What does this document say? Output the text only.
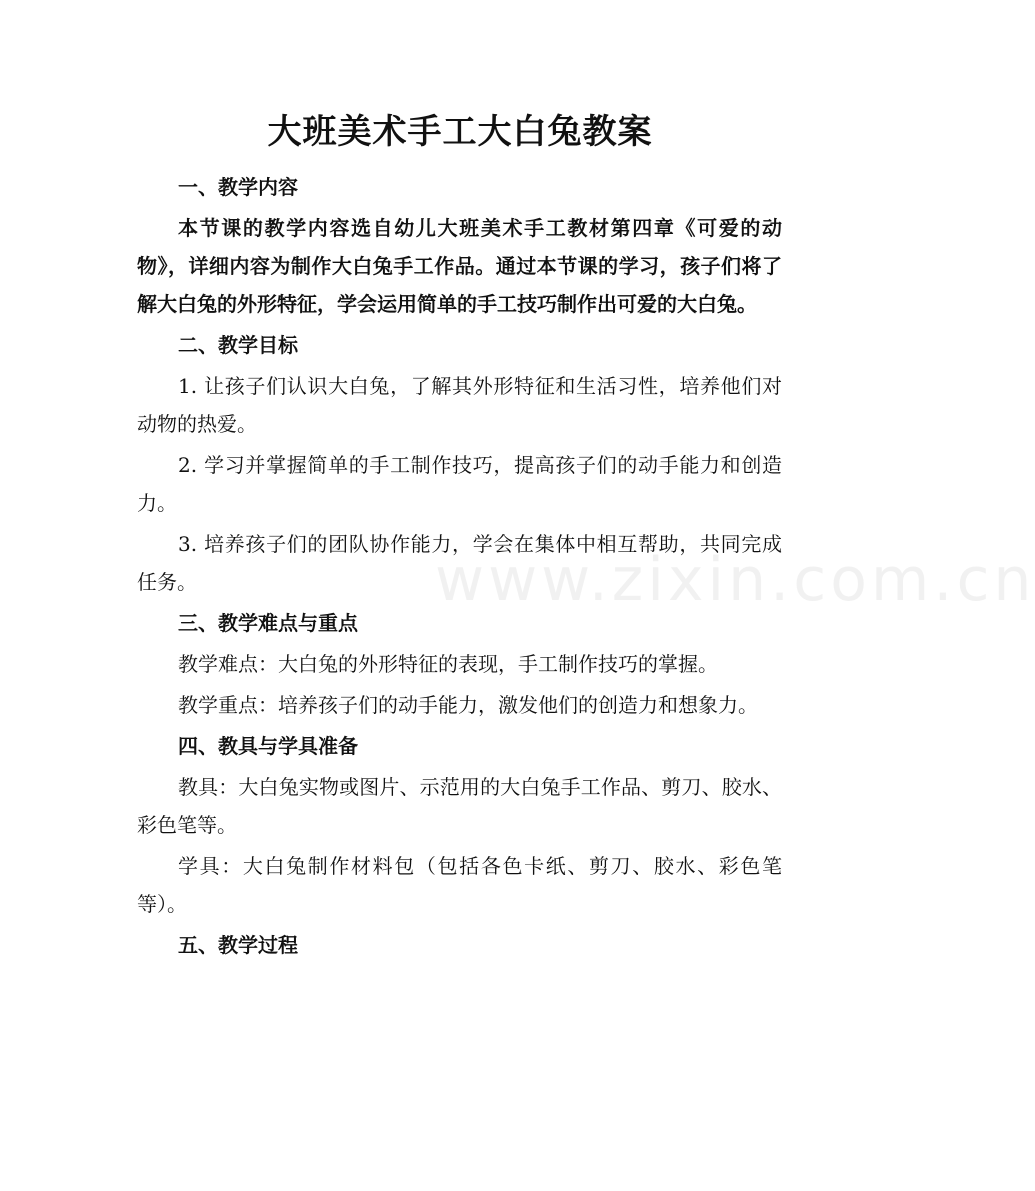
大班美术手工大白兔教案
一、教学内容

本节课的教学内容选自幼儿大班美术手工教材第四章《可爱的动物》，详细内容为制作大白兔手工作品。通过本节课的学习，孩子们将了解大白兔的外形特征，学会运用简单的手工技巧制作出可爱的大白兔。

二、教学目标

1. 让孩子们认识大白兔，了解其外形特征和生活习性，培养他们对动物的热爱。

2. 学习并掌握简单的手工制作技巧，提高孩子们的动手能力和创造力。

3. 培养孩子们的团队协作能力，学会在集体中相互帮助，共同完成任务。

三、教学难点与重点

教学难点：大白兔的外形特征的表现，手工制作技巧的掌握。

教学重点：培养孩子们的动手能力，激发他们的创造力和想象力。

四、教具与学具准备

教具：大白兔实物或图片、示范用的大白兔手工作品、剪刀、胶水、彩色笔等。

学具：大白兔制作材料包（包括各色卡纸、剪刀、胶水、彩色笔等）。

五、教学过程
www.zixin.com.cn
